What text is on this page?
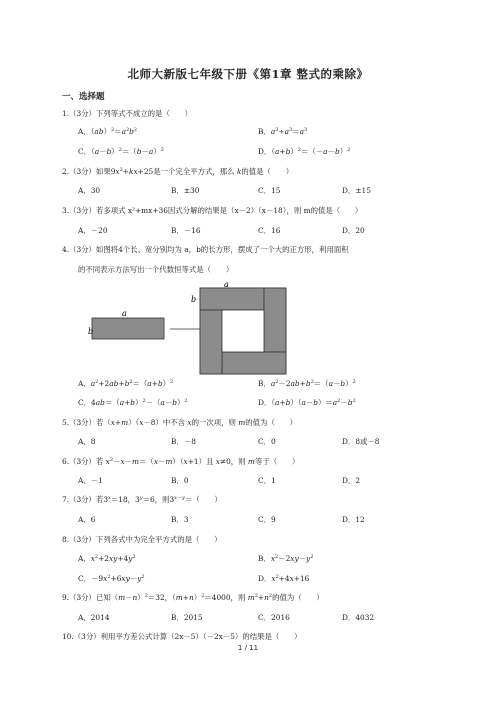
北师大新版七年级下册《第1章 整式的乘除》
一、选择题
1.（3分）下列等式不成立的是（　　）
A．$(ab)^2=a^2b^2$	B．$a^3\div a^3=a^3$
C．$(a-b)^2=(b-a)^2$	D．$(a+b)^2=(-a-b)^2$
2.（3分）如果$9x^2+kx+25$是一个完全平方式，那么 k的值是（　　）
A．30	B．±30	C．15	D．±15
3.（3分）若多项式 x²+mx+36因式分解的结果是（x－2）（x－18），则 m的值是（　　）
A．－20	B．－16	C．16	D．20
4.（3分）如图将4个长、宽分别均为 a，b的长方形，摆成了一个大的正方形，利用面积
的不同表示方法写出一个代数恒等式是（　　）
a
b
a
b
A．$a^2+2ab+b^2=(a+b)^2$	B．$a^2-2ab+b^2=(a-b)^2$
C．$4ab=(a+b)^2-(a-b)^2$	D．$(a+b)(a-b)=a^2-b^2$
5.（3分）若（x+m）（x－8）中不含 x的一次项，则 m的值为（　　）
A．8	B．－8	C．0	D．8或－8
6.（3分）若 $x^2-x-m=(x-m)(x+1)$且 x≠0，则 m等于（　　）
A．－1	B．0	C．1	D．2
7.（3分）若$3^x=18$，$3^y=6$，则$3^{x-y}=$（　　）
A．6	B．3	C．9	D．12
8.（3分）下列各式中为完全平方式的是（　　）
A．$x^2+2xy+4y^2$	B．$x^2-2xy-y^2$
C．$-9x^2+6xy-y^2$	D．$x^2+4x+16$
9.（3分）已知$(m-n)^2=32$，$(m+n)^2=4000$，则 $m^2+n^2$的值为（　　）
A．2014	B．2015	C．2016	D．4032
10.（3分）利用平方差公式计算（2x－5）（－2x－5）的结果是（　　）
1 / 11
